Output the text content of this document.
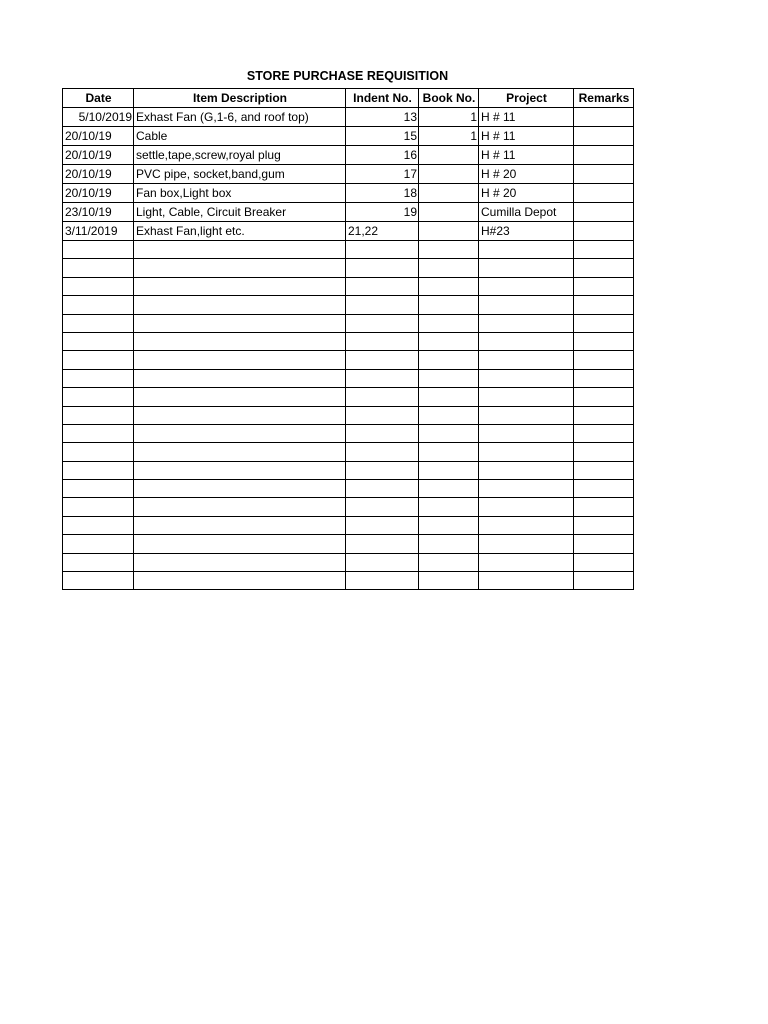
STORE PURCHASE REQUISITION
Date	Item Description	Indent No.	Book No.	Project	Remarks
5/10/2019	Exhast Fan (G,1-6, and roof top)	13	1	H # 11	
20/10/19	Cable	15	1	H # 11	
20/10/19	settle,tape,screw,royal plug	16		H # 11	
20/10/19	PVC pipe, socket,band,gum	17		H # 20	
20/10/19	Fan box,Light box	18		H # 20	
23/10/19	Light, Cable, Circuit Breaker	19		Cumilla Depot	
3/11/2019	Exhast Fan,light etc.	21,22		H#23	
